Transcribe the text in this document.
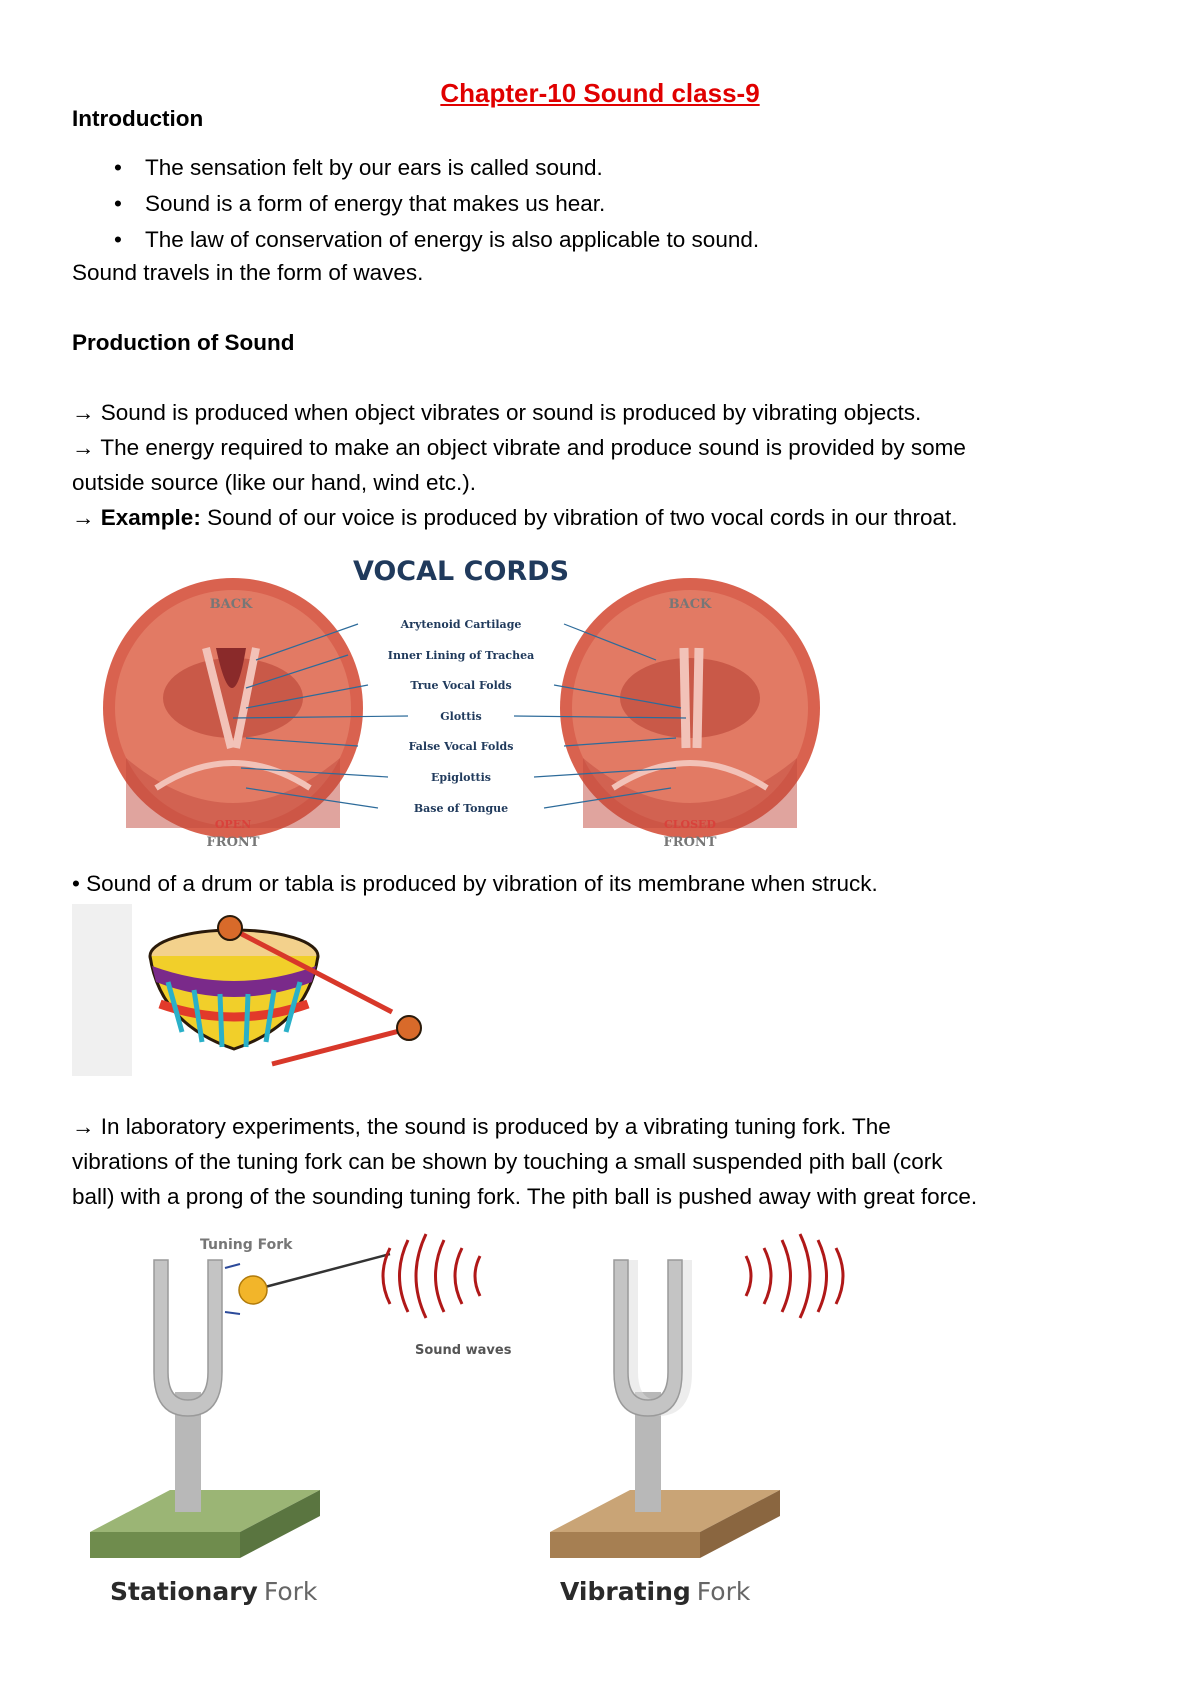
Chapter-10 Sound class-9
Introduction
• The sensation felt by our ears is called sound.
• Sound is a form of energy that makes us hear.
• The law of conservation of energy is also applicable to sound.
Sound travels in the form of waves.
Production of Sound
→ Sound is produced when object vibrates or sound is produced by vibrating objects.
→ The energy required to make an object vibrate and produce sound is provided by some
outside source (like our hand, wind etc.).
→ Example: Sound of our voice is produced by vibration of two vocal cords in our throat.
VOCAL CORDS
BACK
OPEN
FRONT
BACK
CLOSED
FRONT
Arytenoid Cartilage
Inner Lining of Trachea
True Vocal Folds
Glottis
False Vocal Folds
Epiglottis
Base of Tongue
• Sound of a drum or tabla is produced by vibration of its membrane when struck.
→ In laboratory experiments, the sound is produced by a vibrating tuning fork. The
vibrations of the tuning fork can be shown by touching a small suspended pith ball (cork
ball) with a prong of the sounding tuning fork. The pith ball is pushed away with great force.
Tuning Fork
Sound waves
Stationary Fork	Vibrating Fork
